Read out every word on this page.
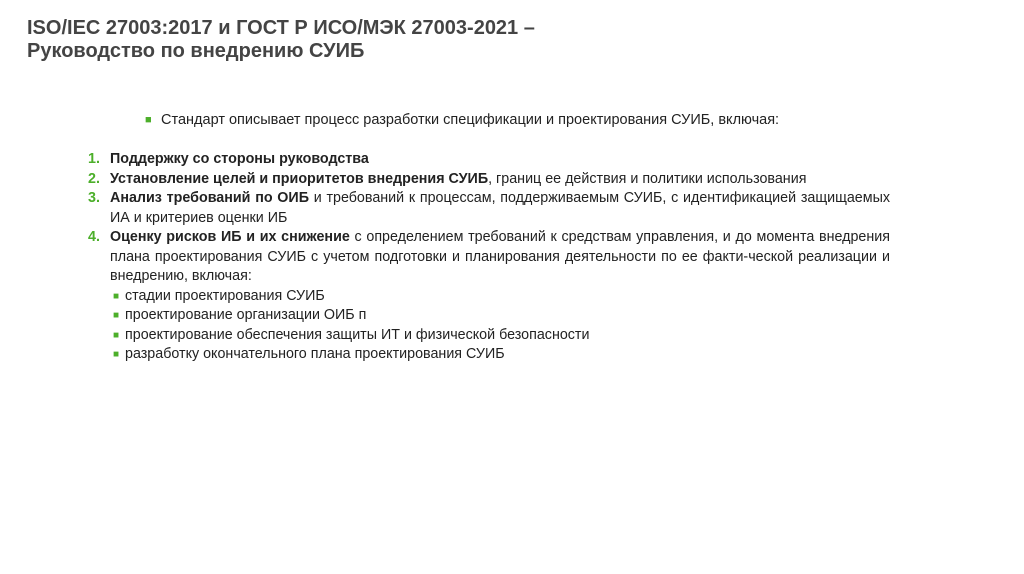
ISO/IEC 27003:2017 и ГОСТ Р ИСО/МЭК 27003-2021 –
Руководство по внедрению СУИБ
■ Стандарт описывает процесс разработки спецификации и проектирования СУИБ, включая:
1. Поддержку со стороны руководства
2. Установление целей и приоритетов внедрения СУИБ, границ ее действия и политики использования
3. Анализ требований по ОИБ и требований к процессам, поддерживаемым СУИБ, с идентификацией защищаемых ИА и критериев оценки ИБ
4. Оценку рисков ИБ и их снижение с определением требований к средствам управления, и до момента внедрения плана проектирования СУИБ с учетом подготовки и планирования деятельности по ее факти-ческой реализации и внедрению, включая:
■ стадии проектирования СУИБ
■ проектирование организации ОИБ п
■ проектирование обеспечения защиты ИТ и физической безопасности
■ разработку окончательного плана проектирования СУИБ
